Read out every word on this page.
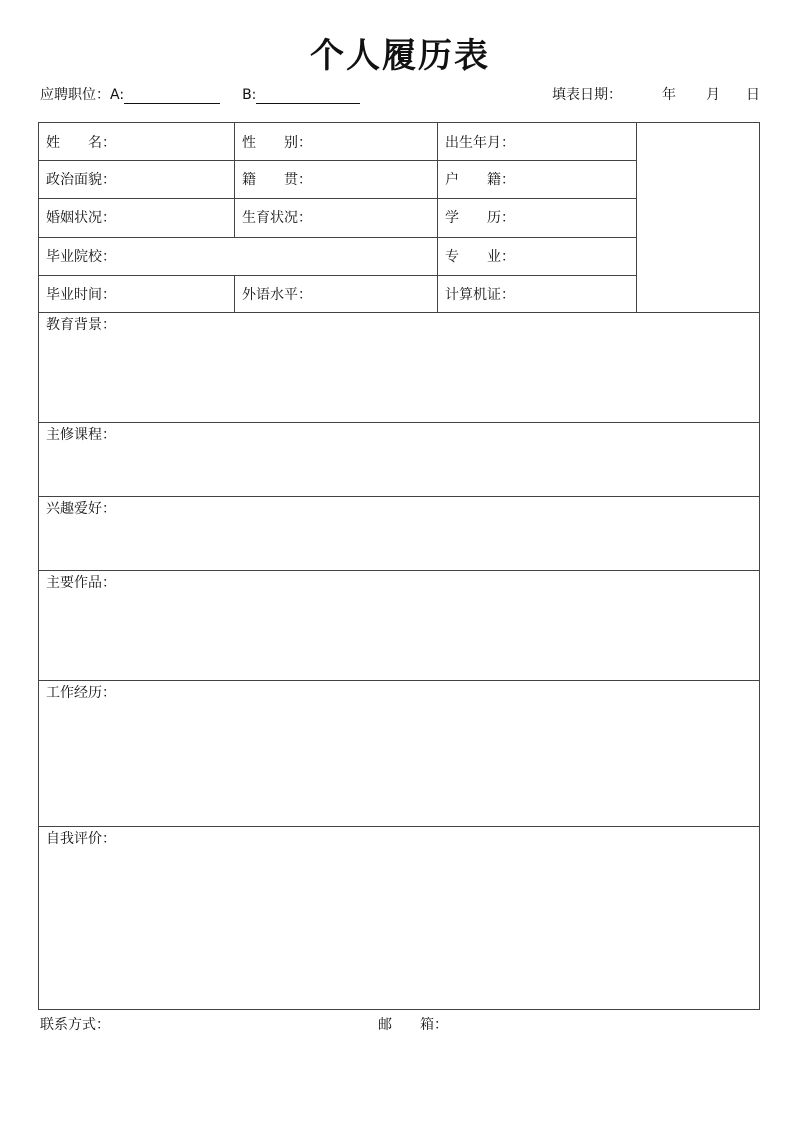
个人履历表
应聘职位：A:	B:	填表日期：	年 月 日
姓　　名：	性　　别：	出生年月：
政治面貌：	籍　　贯：	户　　籍：
婚姻状况：	生育状况：	学　　历：
毕业院校：	专　　业：
毕业时间：	外语水平：	计算机证：
教育背景：
主修课程：
兴趣爱好：
主要作品：
工作经历：
自我评价：
联系方式：	邮　　箱：
